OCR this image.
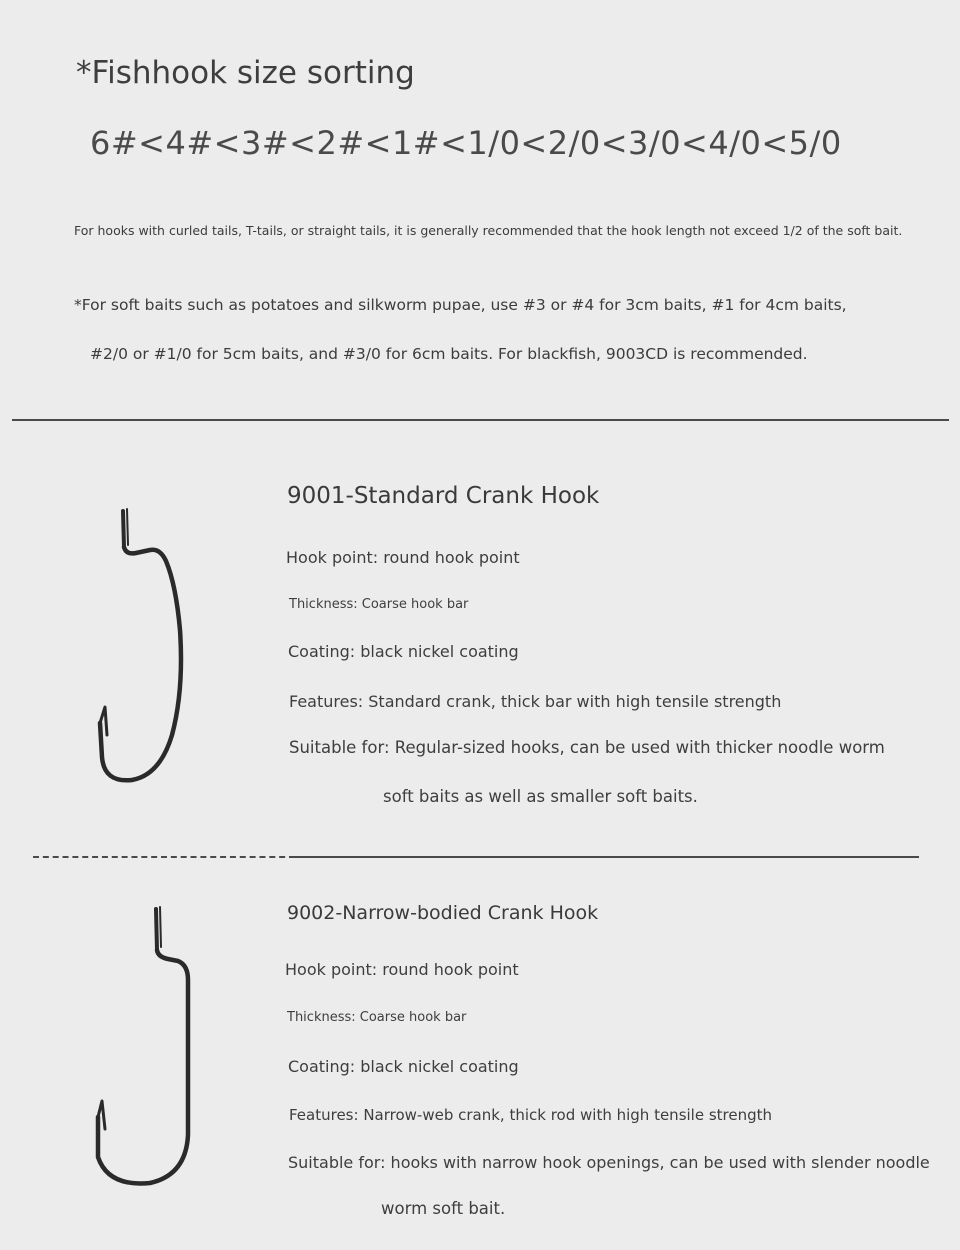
*Fishhook size sorting
6#<4#<3#<2#<1#<1/0<2/0<3/0<4/0<5/0
For hooks with curled tails, T-tails, or straight tails, it is generally recommended that the hook length not exceed 1/2 of the soft bait.
*For soft baits such as potatoes and silkworm pupae, use #3 or #4 for 3cm baits, #1 for 4cm baits,
#2/0 or #1/0 for 5cm baits, and #3/0 for 6cm baits. For blackfish, 9003CD is recommended.
9001-Standard Crank Hook
Hook point: round hook point
Thickness: Coarse hook bar
Coating: black nickel coating
Features: Standard crank, thick bar with high tensile strength
Suitable for: Regular-sized hooks, can be used with thicker noodle worm
soft baits as well as smaller soft baits.
9002-Narrow-bodied Crank Hook
Hook point: round hook point
Thickness: Coarse hook bar
Coating: black nickel coating
Features: Narrow-web crank, thick rod with high tensile strength
Suitable for: hooks with narrow hook openings, can be used with slender noodle
worm soft bait.
